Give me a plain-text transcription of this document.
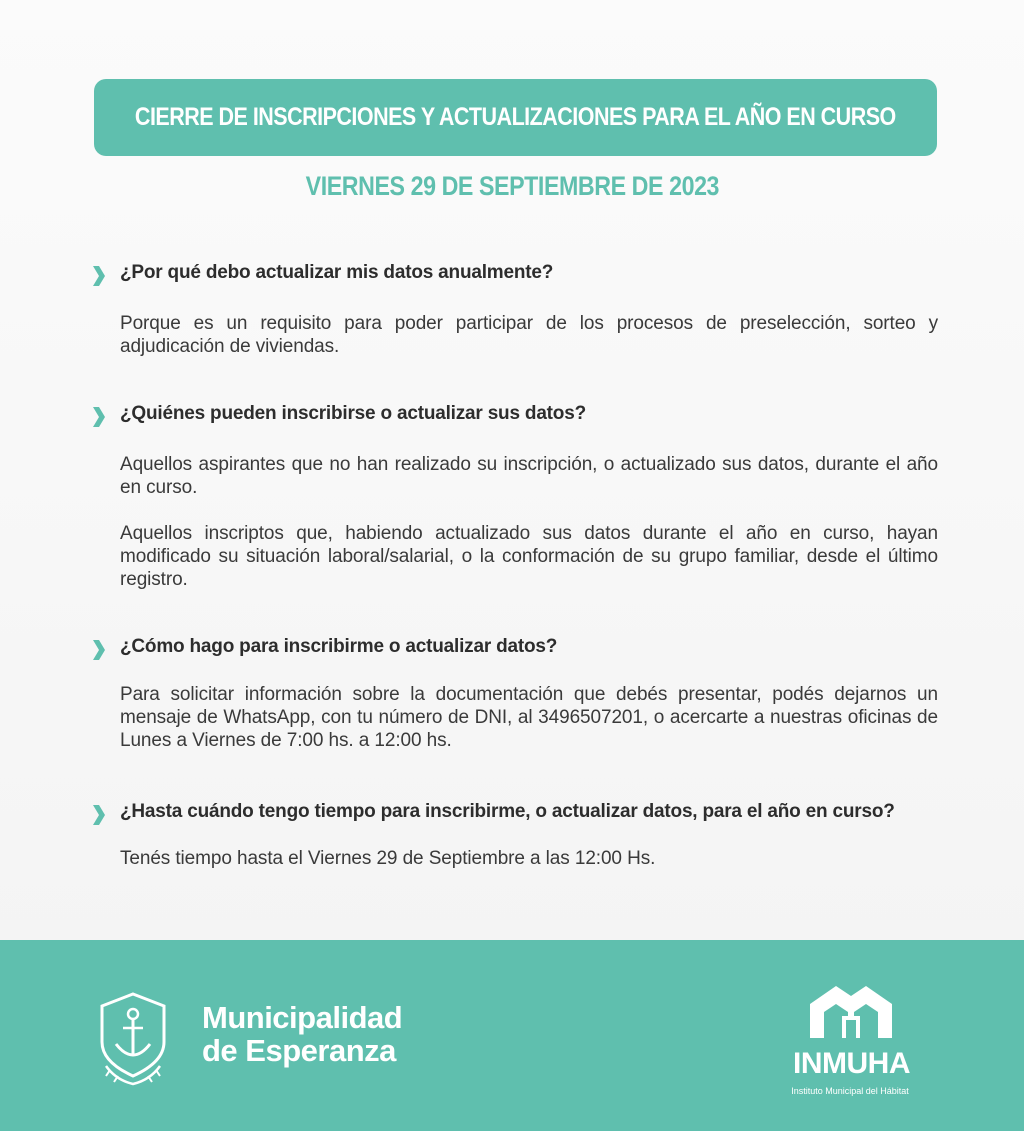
CIERRE DE INSCRIPCIONES Y ACTUALIZACIONES PARA EL AÑO EN CURSO
VIERNES 29 DE SEPTIEMBRE DE 2023
¿Por qué debo actualizar mis datos anualmente?
Porque es un requisito para poder participar de los procesos de preselección, sorteo y adjudicación de viviendas.
¿Quiénes pueden inscribirse o actualizar sus datos?
Aquellos aspirantes que no han realizado su inscripción, o actualizado sus datos, durante el año en curso.
Aquellos inscriptos que, habiendo actualizado sus datos durante el año en curso, hayan modificado su situación laboral/salarial, o la conformación de su grupo familiar, desde el último registro.
¿Cómo hago para inscribirme o actualizar datos?
Para solicitar información sobre la documentación que debés presentar, podés dejarnos un mensaje de WhatsApp, con tu número de DNI, al 3496507201, o acercarte a nuestras oficinas de Lunes a Viernes de 7:00 hs. a 12:00 hs.
¿Hasta cuándo tengo tiempo para inscribirme, o actualizar datos, para el año en curso?
Tenés tiempo hasta el Viernes 29 de Septiembre a las 12:00 Hs.
Municipalidad
de Esperanza	INMUHA
Instituto Municipal del Hábitat
